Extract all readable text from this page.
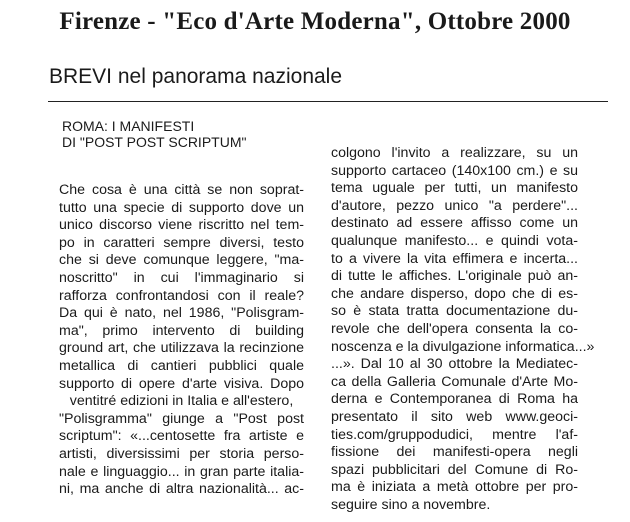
Firenze - "Eco d'Arte Moderna", Ottobre 2000
BREVI nel panorama nazionale
ROMA: I MANIFESTI
DI "POST POST SCRIPTUM"
Che cosa è una città se non soprat-
tutto una specie di supporto dove un
unico discorso viene riscritto nel tem-
po in caratteri sempre diversi, testo
che si deve comunque leggere, "ma-
noscritto" in cui l'immaginario si
rafforza confrontandosi con il reale?
Da qui è nato, nel 1986, "Polisgram-
ma", primo intervento di building
ground art, che utilizzava la recinzione
metallica di cantieri pubblici quale
supporto di opere d'arte visiva. Dopo
ventitré edizioni in Italia e all'estero,
"Polisgramma" giunge a "Post post
scriptum": «...centosette fra artiste e
artisti, diversissimi per storia perso-
nale e linguaggio... in gran parte italia-
ni, ma anche di altra nazionalità... ac-
colgono l'invito a realizzare, su un
supporto cartaceo (140x100 cm.) e su
tema uguale per tutti, un manifesto
d'autore, pezzo unico "a perdere"...
destinato ad essere affisso come un
qualunque manifesto... e quindi vota-
to a vivere la vita effimera e incerta...
di tutte le affiches. L'originale può an-
che andare disperso, dopo che di es-
so è stata tratta documentazione du-
revole che dell'opera consenta la co-
noscenza e la divulgazione informatica...»
...». Dal 10 al 30 ottobre la Mediatec-
ca della Galleria Comunale d'Arte Mo-
derna e Contemporanea di Roma ha
presentato il sito web www.geoci-
ties.com/gruppodudici, mentre l'af-
fissione dei manifesti-opera negli
spazi pubblicitari del Comune di Ro-
ma è iniziata a metà ottobre per pro-
seguire sino a novembre.
